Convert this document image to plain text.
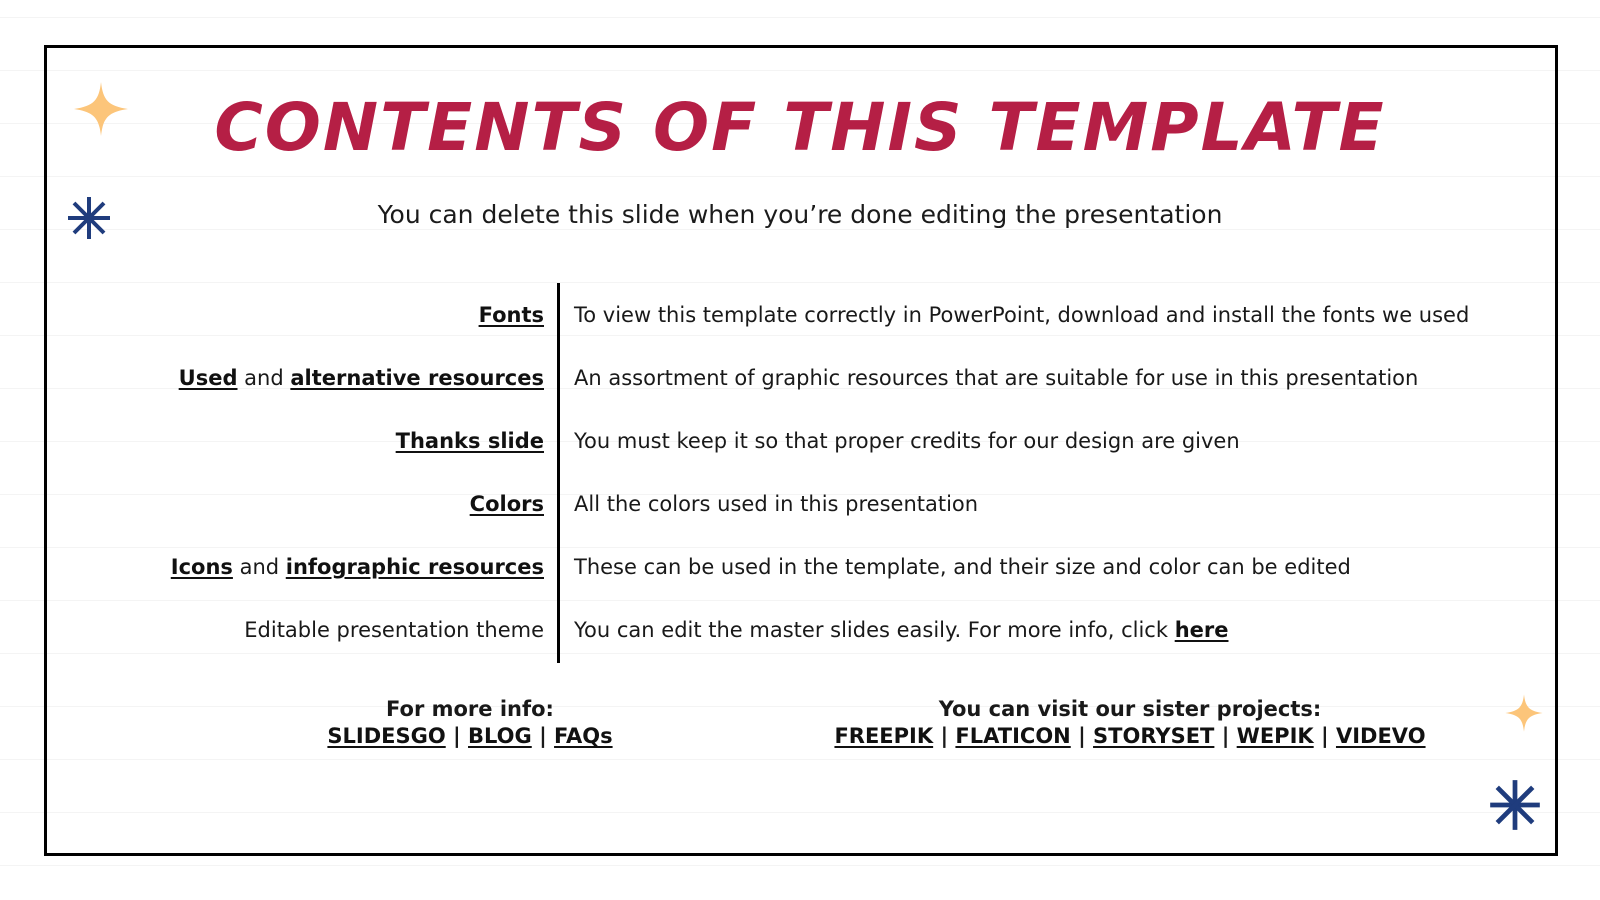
CONTENTS OF THIS TEMPLATE
You can delete this slide when you’re done editing the presentation
Fonts To view this template correctly in PowerPoint, download and install the fonts we used
Used and alternative resources An assortment of graphic resources that are suitable for use in this presentation
Thanks slide You must keep it so that proper credits for our design are given
Colors All the colors used in this presentation
Icons and infographic resources These can be used in the template, and their size and color can be edited
Editable presentation theme You can edit the master slides easily. For more info, click here
For more info:
SLIDESGO | BLOG | FAQs
You can visit our sister projects:
FREEPIK | FLATICON | STORYSET | WEPIK | VIDEVO
